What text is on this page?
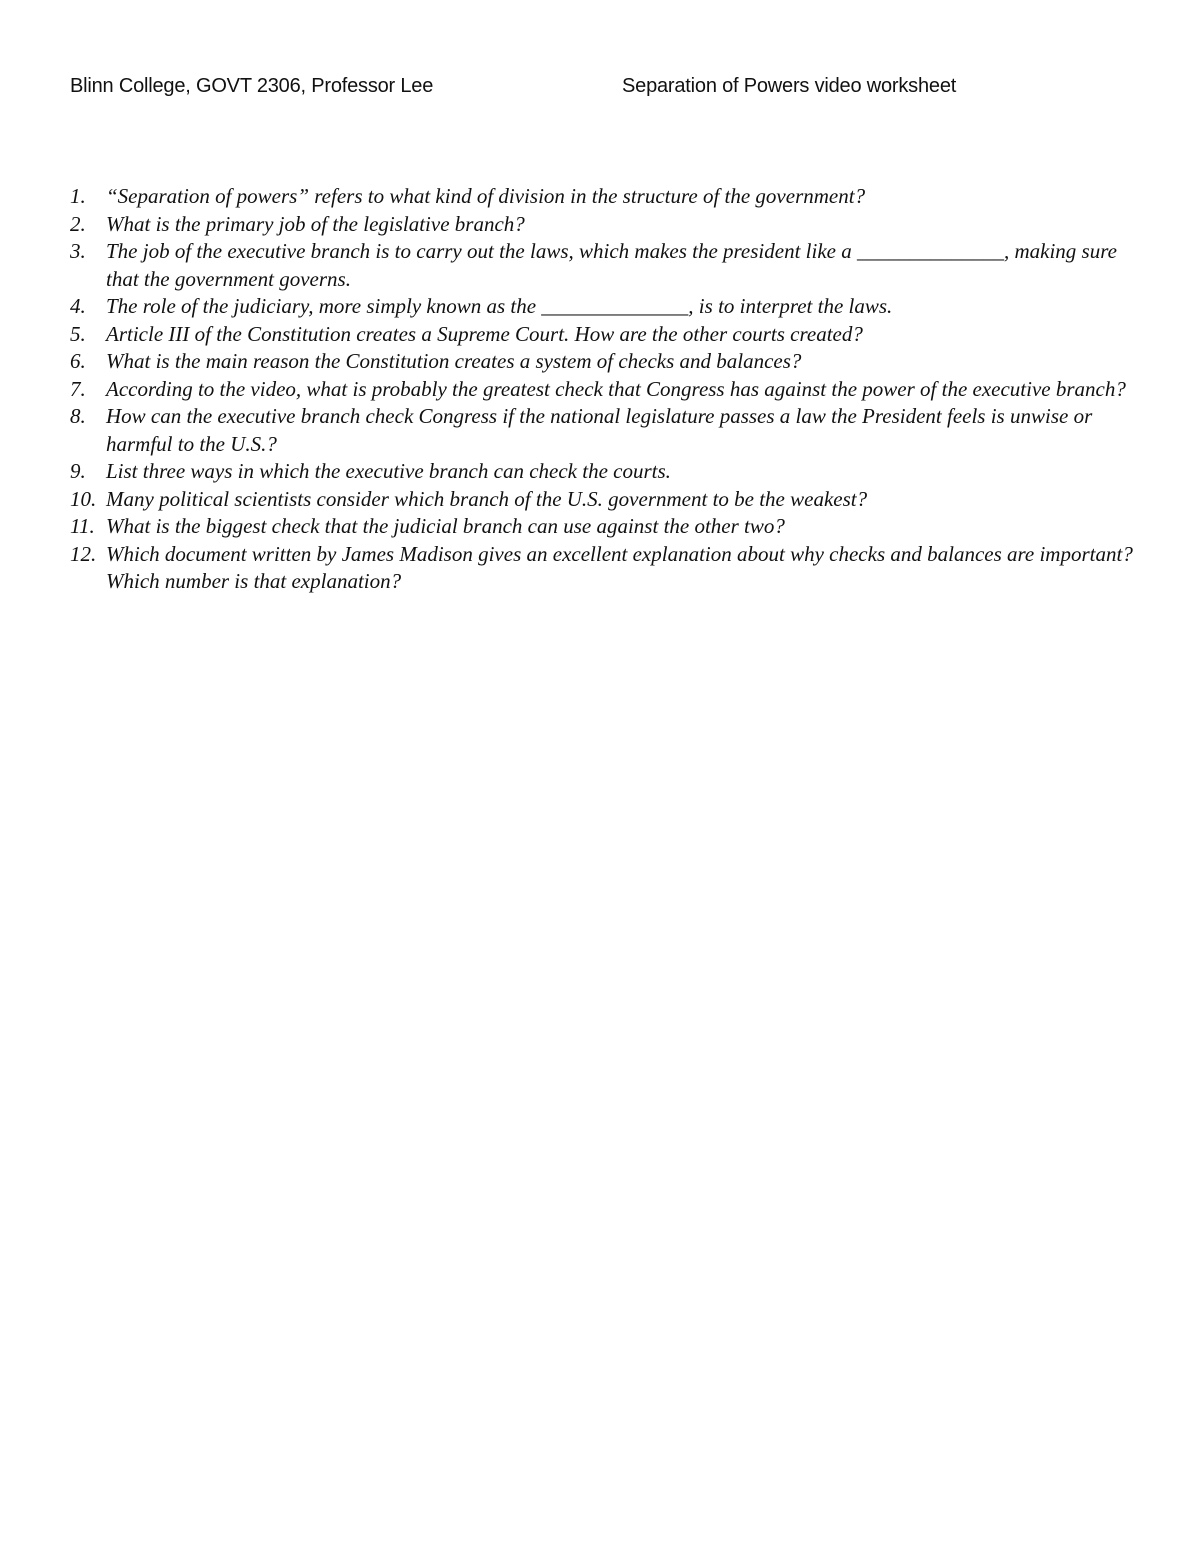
Blinn College, GOVT 2306, Professor Lee	Separation of Powers video worksheet
1. “Separation of powers” refers to what kind of division in the structure of the government?
2. What is the primary job of the legislative branch?
3. The job of the executive branch is to carry out the laws, which makes the president like a ______________, making sure that the government governs.
4. The role of the judiciary, more simply known as the ______________, is to interpret the laws.
5. Article III of the Constitution creates a Supreme Court. How are the other courts created?
6. What is the main reason the Constitution creates a system of checks and balances?
7. According to the video, what is probably the greatest check that Congress has against the power of the executive branch?
8. How can the executive branch check Congress if the national legislature passes a law the President feels is unwise or harmful to the U.S.?
9. List three ways in which the executive branch can check the courts.
10. Many political scientists consider which branch of the U.S. government to be the weakest?
11. What is the biggest check that the judicial branch can use against the other two?
12. Which document written by James Madison gives an excellent explanation about why checks and balances are important? Which number is that explanation?
